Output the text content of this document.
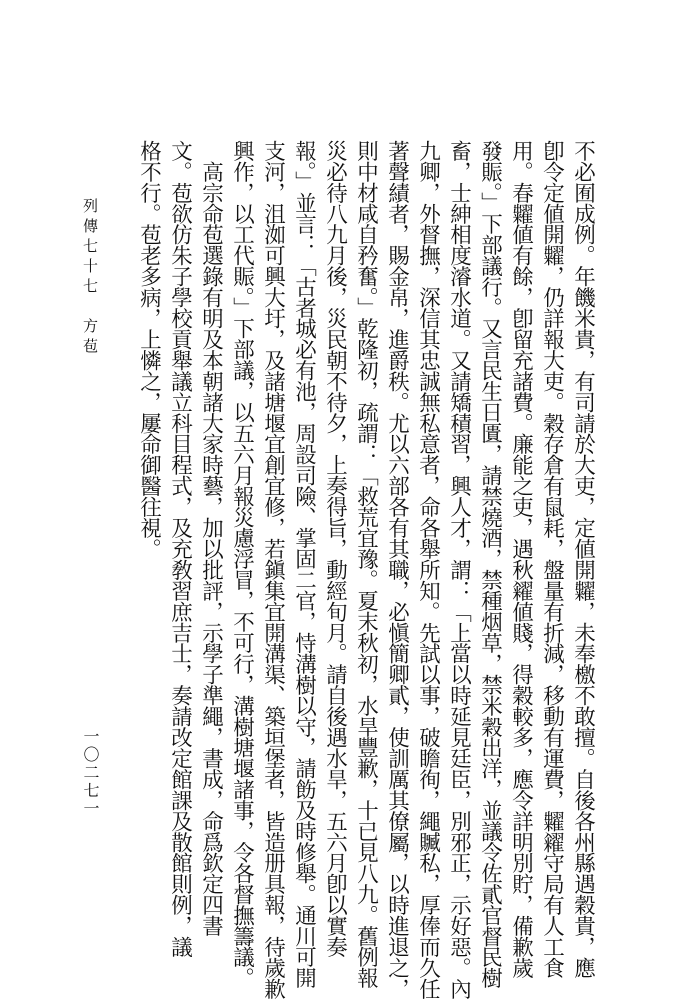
不必囿成例。年饑米貴，有司請於大吏，定値開糶，未奉檄不敢擅。自後各州縣遇穀貴，應

卽令定値開糶，仍詳報大吏。穀存倉有鼠耗，盤量有折減，移動有運費，糶糴守局有人工食

用。春糶値有餘，卽留充諸費。廉能之吏，遇秋糴値賤，得穀較多，應令詳明別貯，備歉歲

發賑。」下部議行。又言民生日匱，請禁燒酒，禁種烟草，禁米穀出洋，並議令佐貳官督民樹

畜，士紳相度濬水道。又請矯積習，興人才，謂：「上當以時延見廷臣，別邪正，示好惡。內

九卿，外督撫，深信其忠誠無私意者，命各舉所知。先試以事，破瞻徇，繩贓私，厚俸而久任

著聲績者，賜金帛，進爵秩。尤以六部各有其職，必愼簡卿貳，使訓厲其僚屬，以時進退之，

則中材咸自矜奮。」乾隆初，疏謂：「救荒宜豫。夏末秋初，水旱豐歉，十已見八九。舊例報

災必待八九月後，災民朝不待夕，上奏得旨，動經旬月。請自後遇水旱，五六月卽以實奏

報。」並言：「古者城必有池，周設司險、掌固二官，恃溝樹以守，請飭及時修舉。通川可開

支河，沮洳可興大圩，及諸塘堰宜創宜修，若鎭集宜開溝渠、築垣堡者，皆造册具報，待歲歉

興作，以工代賑。」下部議，以五六月報災慮浮冒，不可行，溝樹塘堰諸事，令各督撫籌議。

　高宗命苞選錄有明及本朝諸大家時藝，加以批評，示學子準繩，書成，命爲欽定四書

文。苞欲仿朱子學校貢舉議立科目程式，及充敎習庶吉士，奏請改定館課及散館則例，議

格不行。苞老多病，上憐之，屢命御醫往視。

列傳七十七　方苞

一〇二七一
